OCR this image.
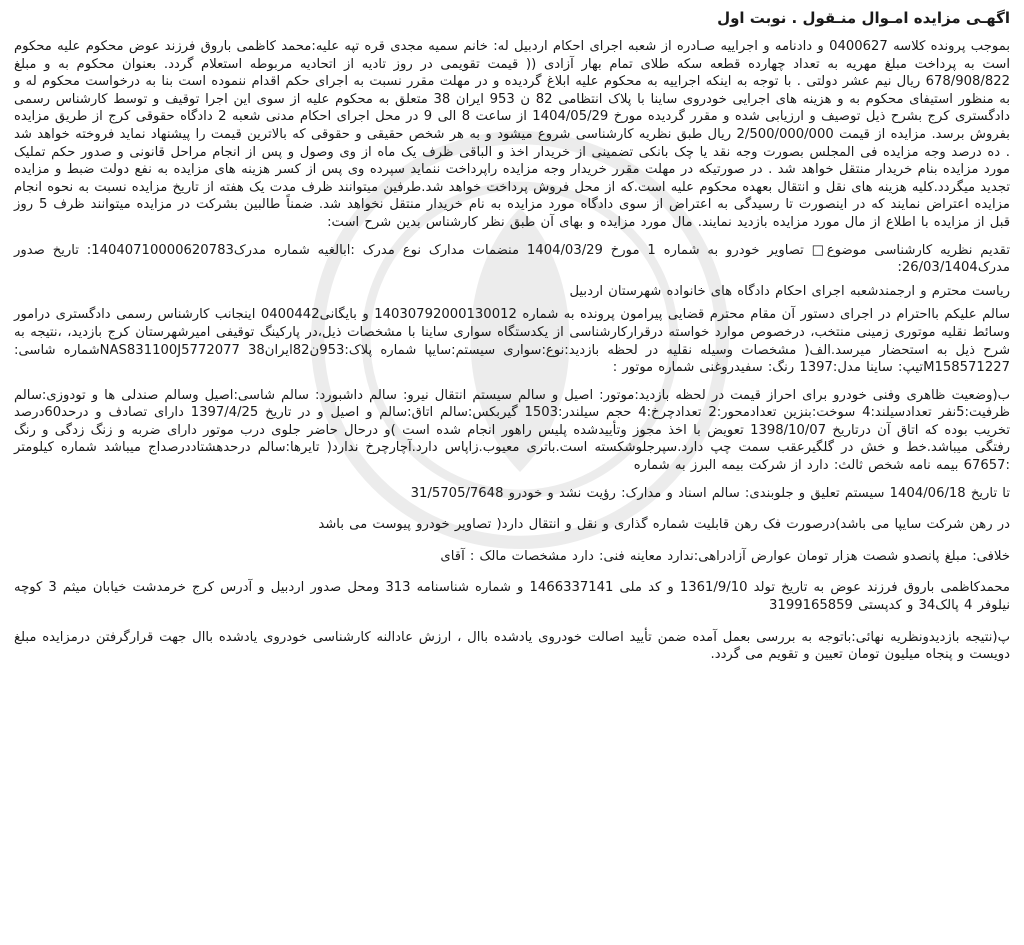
اگهـی مزایده امـوال منـقول . نوبت اول
بموجب پرونده کلاسه 0400627 و دادنامه و اجراییه صـادره از شعبه اجرای احکام اردبیل له: خانم سمیه مجدی قره تپه علیه:محمد کاظمی باروق فرزند عوض محکوم علیه محکوم است به پرداخت مبلغ مهریه به تعداد چهارده قطعه سکه طلای تمام بهار آزادی (( قیمت تقویمی در روز تادیه از اتحادیه مربوطه استعلام گردد. بعنوان محکوم به و مبلغ 678/908/822 ریال نیم عشر دولتی . با توجه به اینکه اجراییه به محکوم علیه ابلاغ گردیده و در مهلت مقرر نسبت به اجرای حکم اقدام ننموده است بنا به درخواست محکوم له و به منظور استیفای محکوم به و هزینه های اجرایی خودروی ساینا با پلاک انتظامی 82 ن 953 ایران 38 متعلق به محکوم علیه از سوی این اجرا توقیف و توسط کارشناس رسمی دادگستری کرج بشرح ذیل توصیف و ارزیابی شده و مقرر گردیده مورخ 1404/05/29 از ساعت 8 الی 9 در محل اجرای احکام مدنی شعبه 2 دادگاه حقوقی کرج از طریق مزایده بفروش برسد. مزایده از قیمت 2/500/000/000 ریال طبق نظریه کارشناسی شروع میشود و به هر شخص حقیقی و حقوقی که بالاترین قیمت را پیشنهاد نماید فروخته خواهد شد . ده درصد وجه مزایده فی المجلس بصورت وجه نقد یا چک بانکی تضمینی از خریدار اخذ و الباقی ظرف یک ماه از وی وصول و پس از انجام مراحل قانونی و صدور حکم تملیک مورد مزایده بنام خریدار منتقل خواهد شد . در صورتیکه در مهلت مقرر خریدار وجه مزایده راپرداخت ننماید سپرده وی پس از کسر هزینه های مزایده به نفع دولت ضبط و مزایده تجدید میگردد.کلیه هزینه های نقل و انتقال بعهده محکوم علیه است.که از محل فروش پرداخت خواهد شد.طرفین میتوانند ظرف مدت یک هفته از تاریخ مزایده نسبت به نحوه انجام مزایده اعتراض نمایند که در اینصورت تا رسیدگی به اعتراض از سوی دادگاه مورد مزایده به نام خریدار منتقل نخواهد شد. ضمناً طالبین بشرکت در مزایده میتوانند ظرف 5 روز قبل از مزایده با اطلاع از مال مورد مزایده بازدید نمایند. مال مورد مزایده و بهای آن طبق نظر کارشناس بدین شرح است:
تقدیم نظریه کارشناسی موضوع□ تصاویر خودرو به شماره 1 مورخ 1404/03/29 منضمات مدارک نوع مدرک :ابالغیه شماره مدرک14040710000620783: تاریخ صدور مدرک26/03/1404:
ریاست محترم و ارجمندشعبه اجرای احکام دادگاه های خانواده شهرستان اردبیل
سالم علیکم بااحترام در اجرای دستور آن مقام محترم قضایی پیرامون پرونده به شماره 14030792000130012 و بایگانی0400442 اینجانب کارشناس رسمی دادگستری درامور وسائط نقلیه موتوری زمینی منتخب، درخصوص موارد خواسته درقرارکارشناسی از یکدستگاه سواری ساینا با مشخصات ذیل،در پارکینگ توقیفی امیرشهرستان کرج بازدید، ،نتیجه به شرح ذیل به استحضار میرسد.الف( مشخصات وسیله نقلیه در لحظه بازدید:نوع:سواری سیستم:سایپا شماره پلاک:953ن82ایران38 NAS831100J5772077شماره شاسی: M158571227تیپ: ساینا مدل:1397 رنگ: سفیدروغنی شماره موتور :
ب(وضعیت ظاهری وفنی خودرو برای احراز قیمت در لحظه بازدید:موتور: اصیل و سالم سیستم انتقال نیرو: سالم داشبورد: سالم شاسی:اصیل وسالم صندلی ها و تودوزی:سالم ظرفیت:5نفر تعدادسیلند:4 سوخت:بنزین تعدادمحور:2 تعدادچرخ:4 حجم سیلندر:1503 گیربکس:سالم اتاق:سالم و اصیل و در تاریخ 1397/4/25 دارای تصادف و درحد60درصد تخریب بوده که اتاق آن درتاریخ 1398/10/07 تعویض با اخذ مجوز وتأییدشده پلیس راهور انجام شده است )و درحال حاضر جلوی درب موتور دارای ضربه و زنگ زدگی و رنگ رفتگی میباشد.خط و خش در گلگیرعقب سمت چپ دارد.سپرجلوشکسته است.باتری معیوب.زاپاس دارد.آچارچرخ ندارد( تایرها:سالم درحدهشتاددرصداج میباشد شماره کیلومتر :67657 بیمه نامه شخص ثالث: دارد از شرکت بیمه البرز به شماره
تا تاریخ 1404/06/18 سیستم تعلیق و جلوبندی: سالم اسناد و مدارک: رؤیت نشد و خودرو 31/5705/7648
در رهن شرکت سایپا می باشد)درصورت فک رهن قابلیت شماره گذاری و نقل و انتقال دارد( تصاویر خودرو پیوست می باشد
خلافی: مبلغ پانصدو شصت هزار تومان عوارض آزادراهی:ندارد معاینه فنی: دارد مشخصات مالک : آقای
محمدکاظمی باروق فرزند عوض به تاریخ تولد 1361/9/10 و کد ملی 1466337141 و شماره شناسنامه 313 ومحل صدور اردبیل و آدرس کرج خرمدشت خیابان میثم 3 کوچه نیلوفر 4 پالک34 و کدپستی 3199165859
پ(نتیجه بازدیدونظریه نهائی:باتوجه به بررسی بعمل آمده ضمن تأیید اصالت خودروی یادشده باال ، ارزش عادالنه کارشناسی خودروی یادشده باال جهت قرارگرفتن درمزایده مبلغ دویست و پنجاه میلیون تومان تعیین و تقویم می گردد.
